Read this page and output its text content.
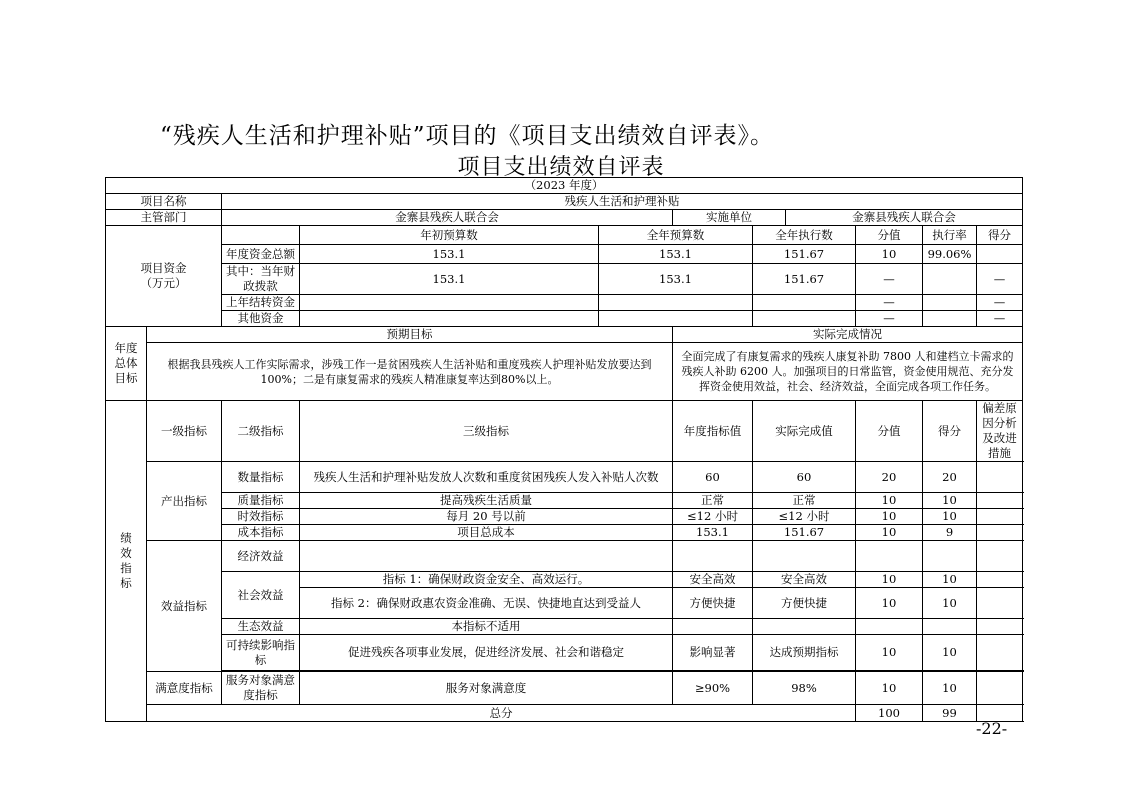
“残疾人生活和护理补贴”项目的《项目支出绩效自评表》。
项目支出绩效自评表
（2023 年度）										
项目名称		残疾人生活和护理补贴								
主管部门		金寨县残疾人联合会			实施单位		金寨县残疾人联合会			
项目资金
（万元）			年初预算数	全年预算数		全年执行数		分值	执行率	得分
		年度资金总额	153.1	153.1		151.67		10	99.06%	
		其中：当年财政拨款	153.1	153.1		151.67		—		—
		上年结转资金						—		—
		其他资金						—		—
年度
总体
目标	预期目标				实际完成情况					
	根据我县残疾人工作实际需求，涉残工作一是贫困残疾人生活补贴和重度残疾人护理补贴发放要达到100%；二是有康复需求的残疾人精准康复率达到80%以上。				全面完成了有康复需求的残疾人康复补助 7800 人和建档立卡需求的残疾人补助 6200 人。加强项目的日常监管，资金使用规范、充分发挥资金使用效益，社会、经济效益，全面完成各项工作任务。					
绩
效
指
标	一级指标	二级指标	三级指标		年度指标值	实际完成值		分值	得分	偏差原因分析及改进措施
	产出指标	数量指标	残疾人生活和护理补贴发放人次数和重度贫困残疾人发入补贴人次数		60	60		20	20	
		质量指标	提高残疾生活质量		正常	正常		10	10	
		时效指标	每月 20 号以前		≤12 小时	≤12 小时		10	10	
		成本指标	项目总成本		153.1	151.67		10	9	
	效益指标	经济效益								
		社会效益	指标 1：确保财政资金安全、高效运行。		安全高效	安全高效		10	10	
			指标 2：确保财政惠农资金准确、无误、快捷地直达到受益人		方便快捷	方便快捷		10	10	
		生态效益	本指标不适用							
		可持续影响指标	促进残疾各项事业发展，促进经济发展、社会和谐稳定		影响显著	达成预期指标		10	10	

	满意度指标	服务对象满意度指标	服务对象满意度		≥90%	98%		10	10	
	总分							100	99	
-22-
